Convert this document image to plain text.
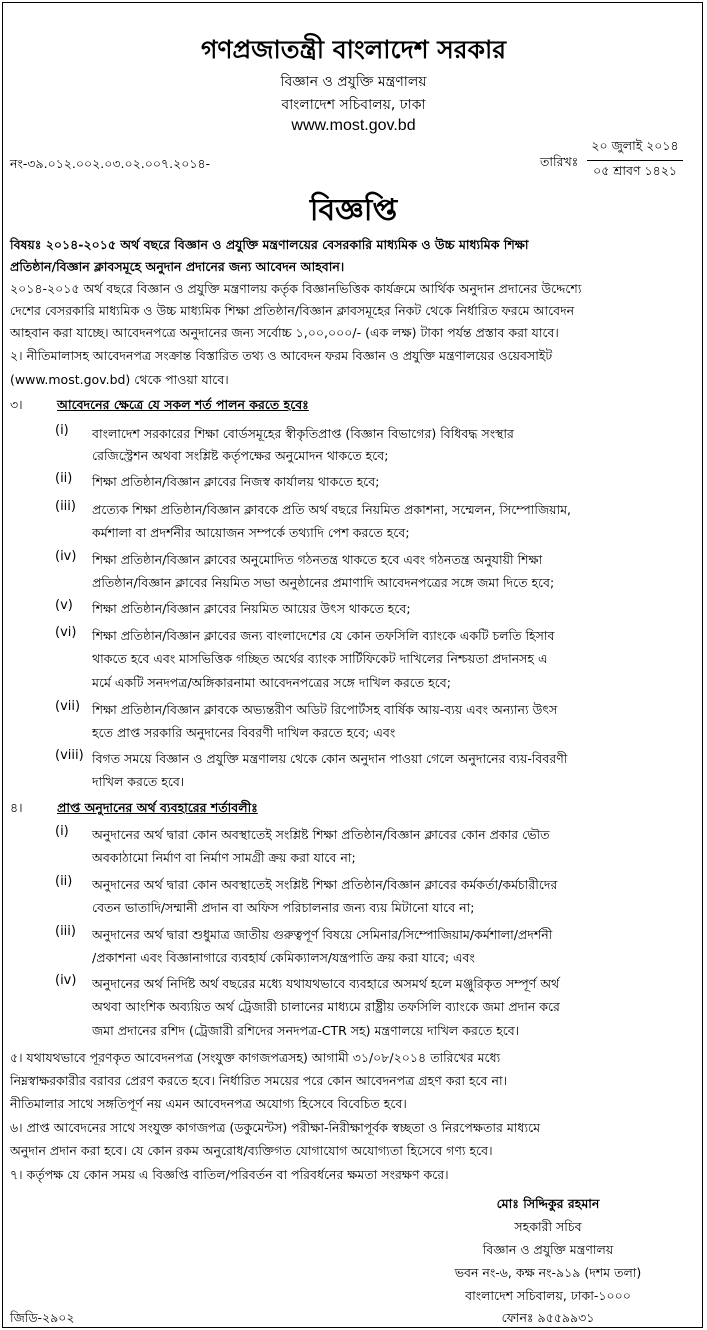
গণপ্রজাতন্ত্রী বাংলাদেশ সরকার
বিজ্ঞান ও প্রযুক্তি মন্ত্রণালয়
বাংলাদেশ সচিবালয়, ঢাকা
www.most.gov.bd
নং-৩৯.০১২.০০২.০৩.০২.০০৭.২০১৪-	তারিখঃ
২০ জুলাই ২০১৪
০৫ শ্রাবণ ১৪২১
বিজ্ঞপ্তি
বিষয়ঃ ২০১৪-২০১৫ অর্থ বছরে বিজ্ঞান ও প্রযুক্তি মন্ত্রণালয়ের বেসরকারি মাধ্যমিক ও উচ্চ মাধ্যমিক শিক্ষা
প্রতিষ্ঠান/বিজ্ঞান ক্লাবসমূহে অনুদান প্রদানের জন্য আবেদন আহবান।
২০১৪-২০১৫ অর্থ বছরে বিজ্ঞান ও প্রযুক্তি মন্ত্রণালয় কর্তৃক বিজ্ঞানভিত্তিক কার্যক্রমে আর্থিক অনুদান প্রদানের উদ্দেশ্যে
দেশের বেসরকারি মাধ্যমিক ও উচ্চ মাধ্যমিক শিক্ষা প্রতিষ্ঠান/বিজ্ঞান ক্লাবসমূহের নিকট থেকে নির্ধারিত ফরমে আবেদন
আহবান করা যাচ্ছে। আবেদনপত্রে অনুদানের জন্য সর্বোচ্চ ১,০০,০০০/- (এক লক্ষ) টাকা পর্যন্ত প্রস্তাব করা যাবে।
২। নীতিমালাসহ আবেদনপত্র সংক্রান্ত বিস্তারিত তথ্য ও আবেদন ফরম বিজ্ঞান ও প্রযুক্তি মন্ত্রণালয়ের ওয়েবসাইট
(www.most.gov.bd) থেকে পাওয়া যাবে।
৩।	আবেদনের ক্ষেত্রে যে সকল শর্ত পালন করতে হবেঃ
(i) বাংলাদেশ সরকারের শিক্ষা বোর্ডসমূহের স্বীকৃতিপ্রাপ্ত (বিজ্ঞান বিভাগের) বিধিবদ্ধ সংস্থার
রেজিস্ট্রেশন অথবা সংশ্লিষ্ট কর্তৃপক্ষের অনুমোদন থাকতে হবে;
(ii) শিক্ষা প্রতিষ্ঠান/বিজ্ঞান ক্লাবের নিজস্ব কার্যালয় থাকতে হবে;
(iii) প্রত্যেক শিক্ষা প্রতিষ্ঠান/বিজ্ঞান ক্লাবকে প্রতি অর্থ বছরে নিয়মিত প্রকাশনা, সম্মেলন, সিম্পোজিয়াম,
কর্মশালা বা প্রদর্শনীর আয়োজন সম্পর্কে তথ্যাদি পেশ করতে হবে;
(iv) শিক্ষা প্রতিষ্ঠান/বিজ্ঞান ক্লাবের অনুমোদিত গঠনতন্ত্র থাকতে হবে এবং গঠনতন্ত্র অনুযায়ী শিক্ষা
প্রতিষ্ঠান/বিজ্ঞান ক্লাবের নিয়মিত সভা অনুষ্ঠানের প্রমাণাদি আবেদনপত্রের সঙ্গে জমা দিতে হবে;
(v) শিক্ষা প্রতিষ্ঠান/বিজ্ঞান ক্লাবের নিয়মিত আয়ের উৎস থাকতে হবে;
(vi) শিক্ষা প্রতিষ্ঠান/বিজ্ঞান ক্লাবের জন্য বাংলাদেশের যে কোন তফসিলি ব্যাংকে একটি চলতি হিসাব
থাকতে হবে এবং মাসভিত্তিক গচ্ছিত অর্থের ব্যাংক সার্টিফিকেট দাখিলের নিশ্চয়তা প্রদানসহ এ
মর্মে একটি সনদপত্র/অঙ্গিকারনামা আবেদনপত্রের সঙ্গে দাখিল করতে হবে;
(vii) শিক্ষা প্রতিষ্ঠান/বিজ্ঞান ক্লাবকে অভ্যন্তরীণ অডিট রিপোর্টসহ বার্ষিক আয়-ব্যয় এবং অন্যান্য উৎস
হতে প্রাপ্ত সরকারি অনুদানের বিবরণী দাখিল করতে হবে; এবং
(viii) বিগত সময়ে বিজ্ঞান ও প্রযুক্তি মন্ত্রণালয় থেকে কোন অনুদান পাওয়া গেলে অনুদানের ব্যয়-বিবরণী
দাখিল করতে হবে।
৪।	প্রাপ্ত অনুদানের অর্থ ব্যবহারের শর্তাবলীঃ
(i) অনুদানের অর্থ দ্বারা কোন অবস্থাতেই সংশ্লিষ্ট শিক্ষা প্রতিষ্ঠান/বিজ্ঞান ক্লাবের কোন প্রকার ভৌত
অবকাঠামো নির্মাণ বা নির্মাণ সামগ্রী ক্রয় করা যাবে না;
(ii) অনুদানের অর্থ দ্বারা কোন অবস্থাতেই সংশ্লিষ্ট শিক্ষা প্রতিষ্ঠান/বিজ্ঞান ক্লাবের কর্মকর্তা/কর্মচারীদের
বেতন ভাতাদি/সম্মানী প্রদান বা অফিস পরিচালনার জন্য ব্যয় মিটানো যাবে না;
(iii) অনুদানের অর্থ দ্বারা শুধুমাত্র জাতীয় গুরুত্বপূর্ণ বিষয়ে সেমিনার/সিম্পোজিয়াম/কর্মশালা/প্রদর্শনী
/প্রকাশনা এবং বিজ্ঞানাগারে ব্যবহার্য কেমিক্যালস/যন্ত্রপাতি ক্রয় করা যাবে; এবং
(iv) অনুদানের অর্থ নির্দিষ্ট অর্থ বছরের মধ্যে যথাযথভাবে ব্যবহারে অসমর্থ হলে মঞ্জুরিকৃত সম্পূর্ণ অর্থ
অথবা আংশিক অব্যয়িত অর্থ ট্রেজারী চালানের মাধ্যমে রাষ্ট্রীয় তফসিলি ব্যাংকে জমা প্রদান করে
জমা প্রদানের রশিদ (ট্রেজারী রশিদের সনদপত্র-CTR সহ) মন্ত্রণালয়ে দাখিল করতে হবে।
৫। যথাযথভাবে পূরণকৃত আবেদনপত্র (সংযুক্ত কাগজপত্রসহ) আগামী ৩১/০৮/২০১৪ তারিখের মধ্যে
নিম্নস্বাক্ষরকারীর বরাবর প্রেরণ করতে হবে। নির্ধারিত সময়ের পরে কোন আবেদনপত্র গ্রহণ করা হবে না।
নীতিমালার সাথে সঙ্গতিপূর্ণ নয় এমন আবেদনপত্র অযোগ্য হিসেবে বিবেচিত হবে।
৬। প্রাপ্ত আবেদনের সাথে সংযুক্ত কাগজপত্র (ডকুমেন্টস) পরীক্ষা-নিরীক্ষাপূর্বক স্বচ্ছতা ও নিরপেক্ষতার মাধ্যমে
অনুদান প্রদান করা হবে। যে কোন রকম অনুরোধ/ব্যক্তিগত যোগাযোগ অযোগ্যতা হিসেবে গণ্য হবে।
৭। কর্তৃপক্ষ যে কোন সময় এ বিজ্ঞপ্তি বাতিল/পরিবর্তন বা পরিবর্ধনের ক্ষমতা সংরক্ষণ করে।
মোঃ সিদ্দিকুর রহমান
সহকারী সচিব
বিজ্ঞান ও প্রযুক্তি মন্ত্রণালয়
ভবন নং-৬, কক্ষ নং-৯১৯ (দশম তলা)
বাংলাদেশ সচিবালয়, ঢাকা-১০০০
ফোনঃ ৯৫৫৯৯৩১
জিডি-২৯০২
